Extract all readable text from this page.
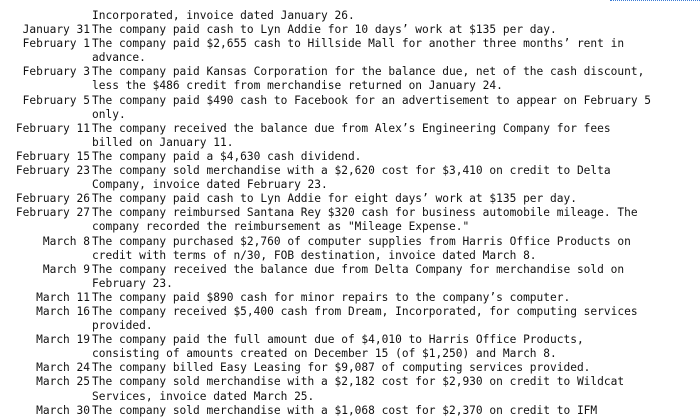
Incorporated, invoice dated January 26.
January 31 The company paid cash to Lyn Addie for 10 days’ work at $135 per day.
February 1 The company paid $2,655 cash to Hillside Mall for another three months’ rent in advance.
February 3 The company paid Kansas Corporation for the balance due, net of the cash discount, less the $486 credit from merchandise returned on January 24.
February 5 The company paid $490 cash to Facebook for an advertisement to appear on February 5 only.
February 11 The company received the balance due from Alex’s Engineering Company for fees billed on January 11.
February 15 The company paid a $4,630 cash dividend.
February 23 The company sold merchandise with a $2,620 cost for $3,410 on credit to Delta Company, invoice dated February 23.
February 26 The company paid cash to Lyn Addie for eight days’ work at $135 per day.
February 27 The company reimbursed Santana Rey $320 cash for business automobile mileage. The company recorded the reimbursement as "Mileage Expense."
March 8 The company purchased $2,760 of computer supplies from Harris Office Products on credit with terms of n/30, FOB destination, invoice dated March 8.
March 9 The company received the balance due from Delta Company for merchandise sold on February 23.
March 11 The company paid $890 cash for minor repairs to the company’s computer.
March 16 The company received $5,400 cash from Dream, Incorporated, for computing services provided.
March 19 The company paid the full amount due of $4,010 to Harris Office Products, consisting of amounts created on December 15 (of $1,250) and March 8.
March 24 The company billed Easy Leasing for $9,087 of computing services provided.
March 25 The company sold merchandise with a $2,182 cost for $2,930 on credit to Wildcat Services, invoice dated March 25.
March 30 The company sold merchandise with a $1,068 cost for $2,370 on credit to IFM
